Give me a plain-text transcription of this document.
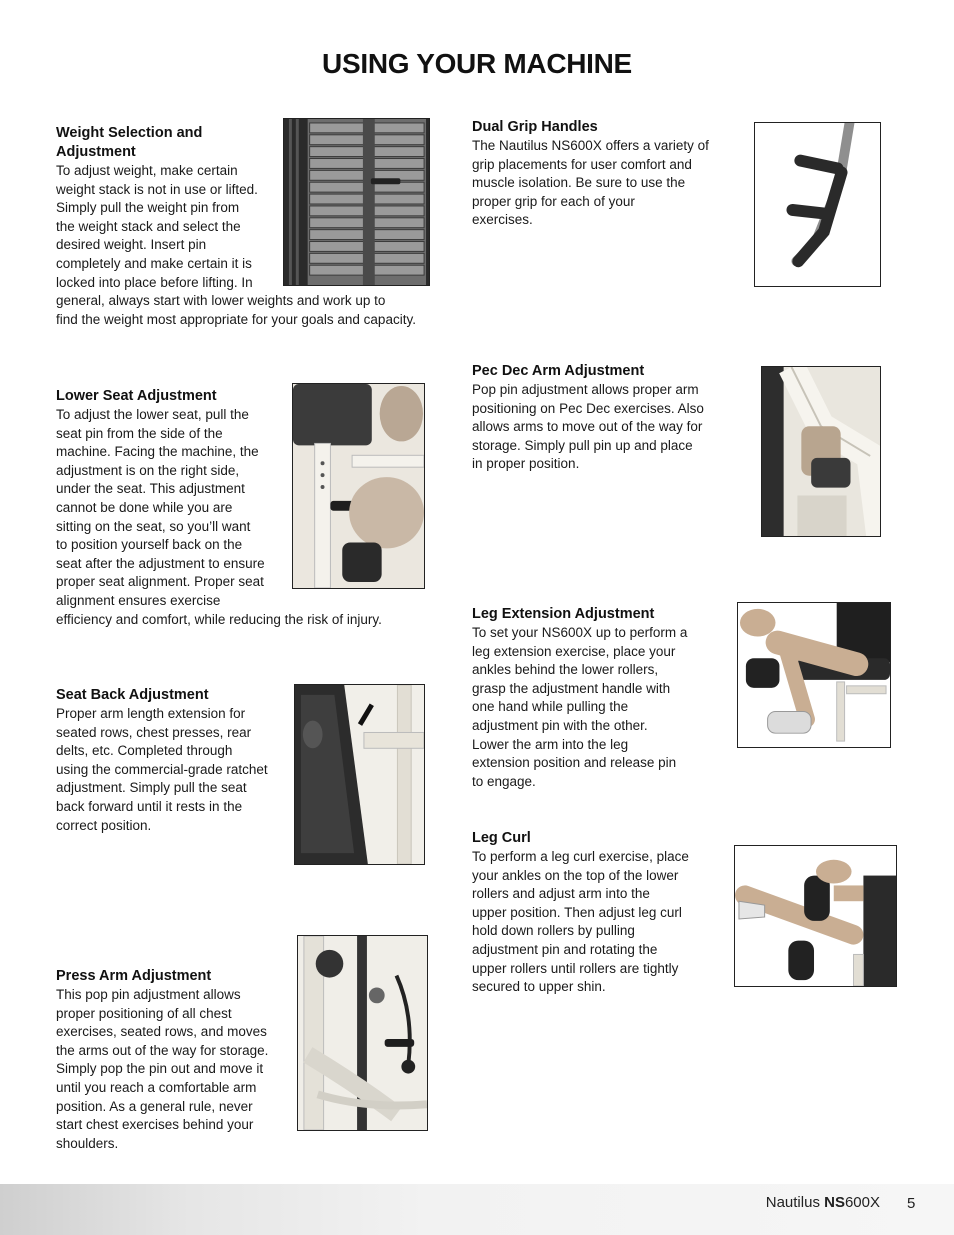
USING YOUR MACHINE
Weight Selection and
Adjustment

To adjust weight, make certain
weight stack is not in use or lifted.
Simply pull the weight pin from
the weight stack and select the
desired weight. Insert pin
completely and make certain it is
locked into place before lifting. In
general, always start with lower weights and work up to
find the weight most appropriate for your goals and capacity.

Lower Seat Adjustment

To adjust the lower seat, pull the
seat pin from the side of the
machine. Facing the machine, the
adjustment is on the right side,
under the seat. This adjustment
cannot be done while you are
sitting on the seat, so you’ll want
to position yourself back on the
seat after the adjustment to ensure
proper seat alignment. Proper seat
alignment ensures exercise
efficiency and comfort, while reducing the risk of injury.

Seat Back Adjustment

Proper arm length extension for
seated rows, chest presses, rear
delts, etc. Completed through
using the commercial-grade ratchet
adjustment. Simply pull the seat
back forward until it rests in the
correct position.

Press Arm Adjustment

This pop pin adjustment allows
proper positioning of all chest
exercises, seated rows, and moves
the arms out of the way for storage.
Simply pop the pin out and move it
until you reach a comfortable arm
position. As a general rule, never
start chest exercises behind your
shoulders.

Dual Grip Handles

The Nautilus NS600X offers a variety of
grip placements for user comfort and
muscle isolation. Be sure to use the
proper grip for each of your
exercises.

Pec Dec Arm Adjustment

Pop pin adjustment allows proper arm
positioning on Pec Dec exercises. Also
allows arms to move out of the way for
storage. Simply pull pin up and place
in proper position.

Leg Extension Adjustment

To set your NS600X up to perform a
leg extension exercise, place your
ankles behind the lower rollers,
grasp the adjustment handle with
one hand while pulling the
adjustment pin with the other.
Lower the arm into the leg
extension position and release pin
to engage.

Leg Curl

To perform a leg curl exercise, place
your ankles on the top of the lower
rollers and adjust arm into the
upper position. Then adjust leg curl
hold down rollers by pulling
adjustment pin and rotating the
upper rollers until rollers are tightly
secured to upper shin.

Nautilus NS600X 5
